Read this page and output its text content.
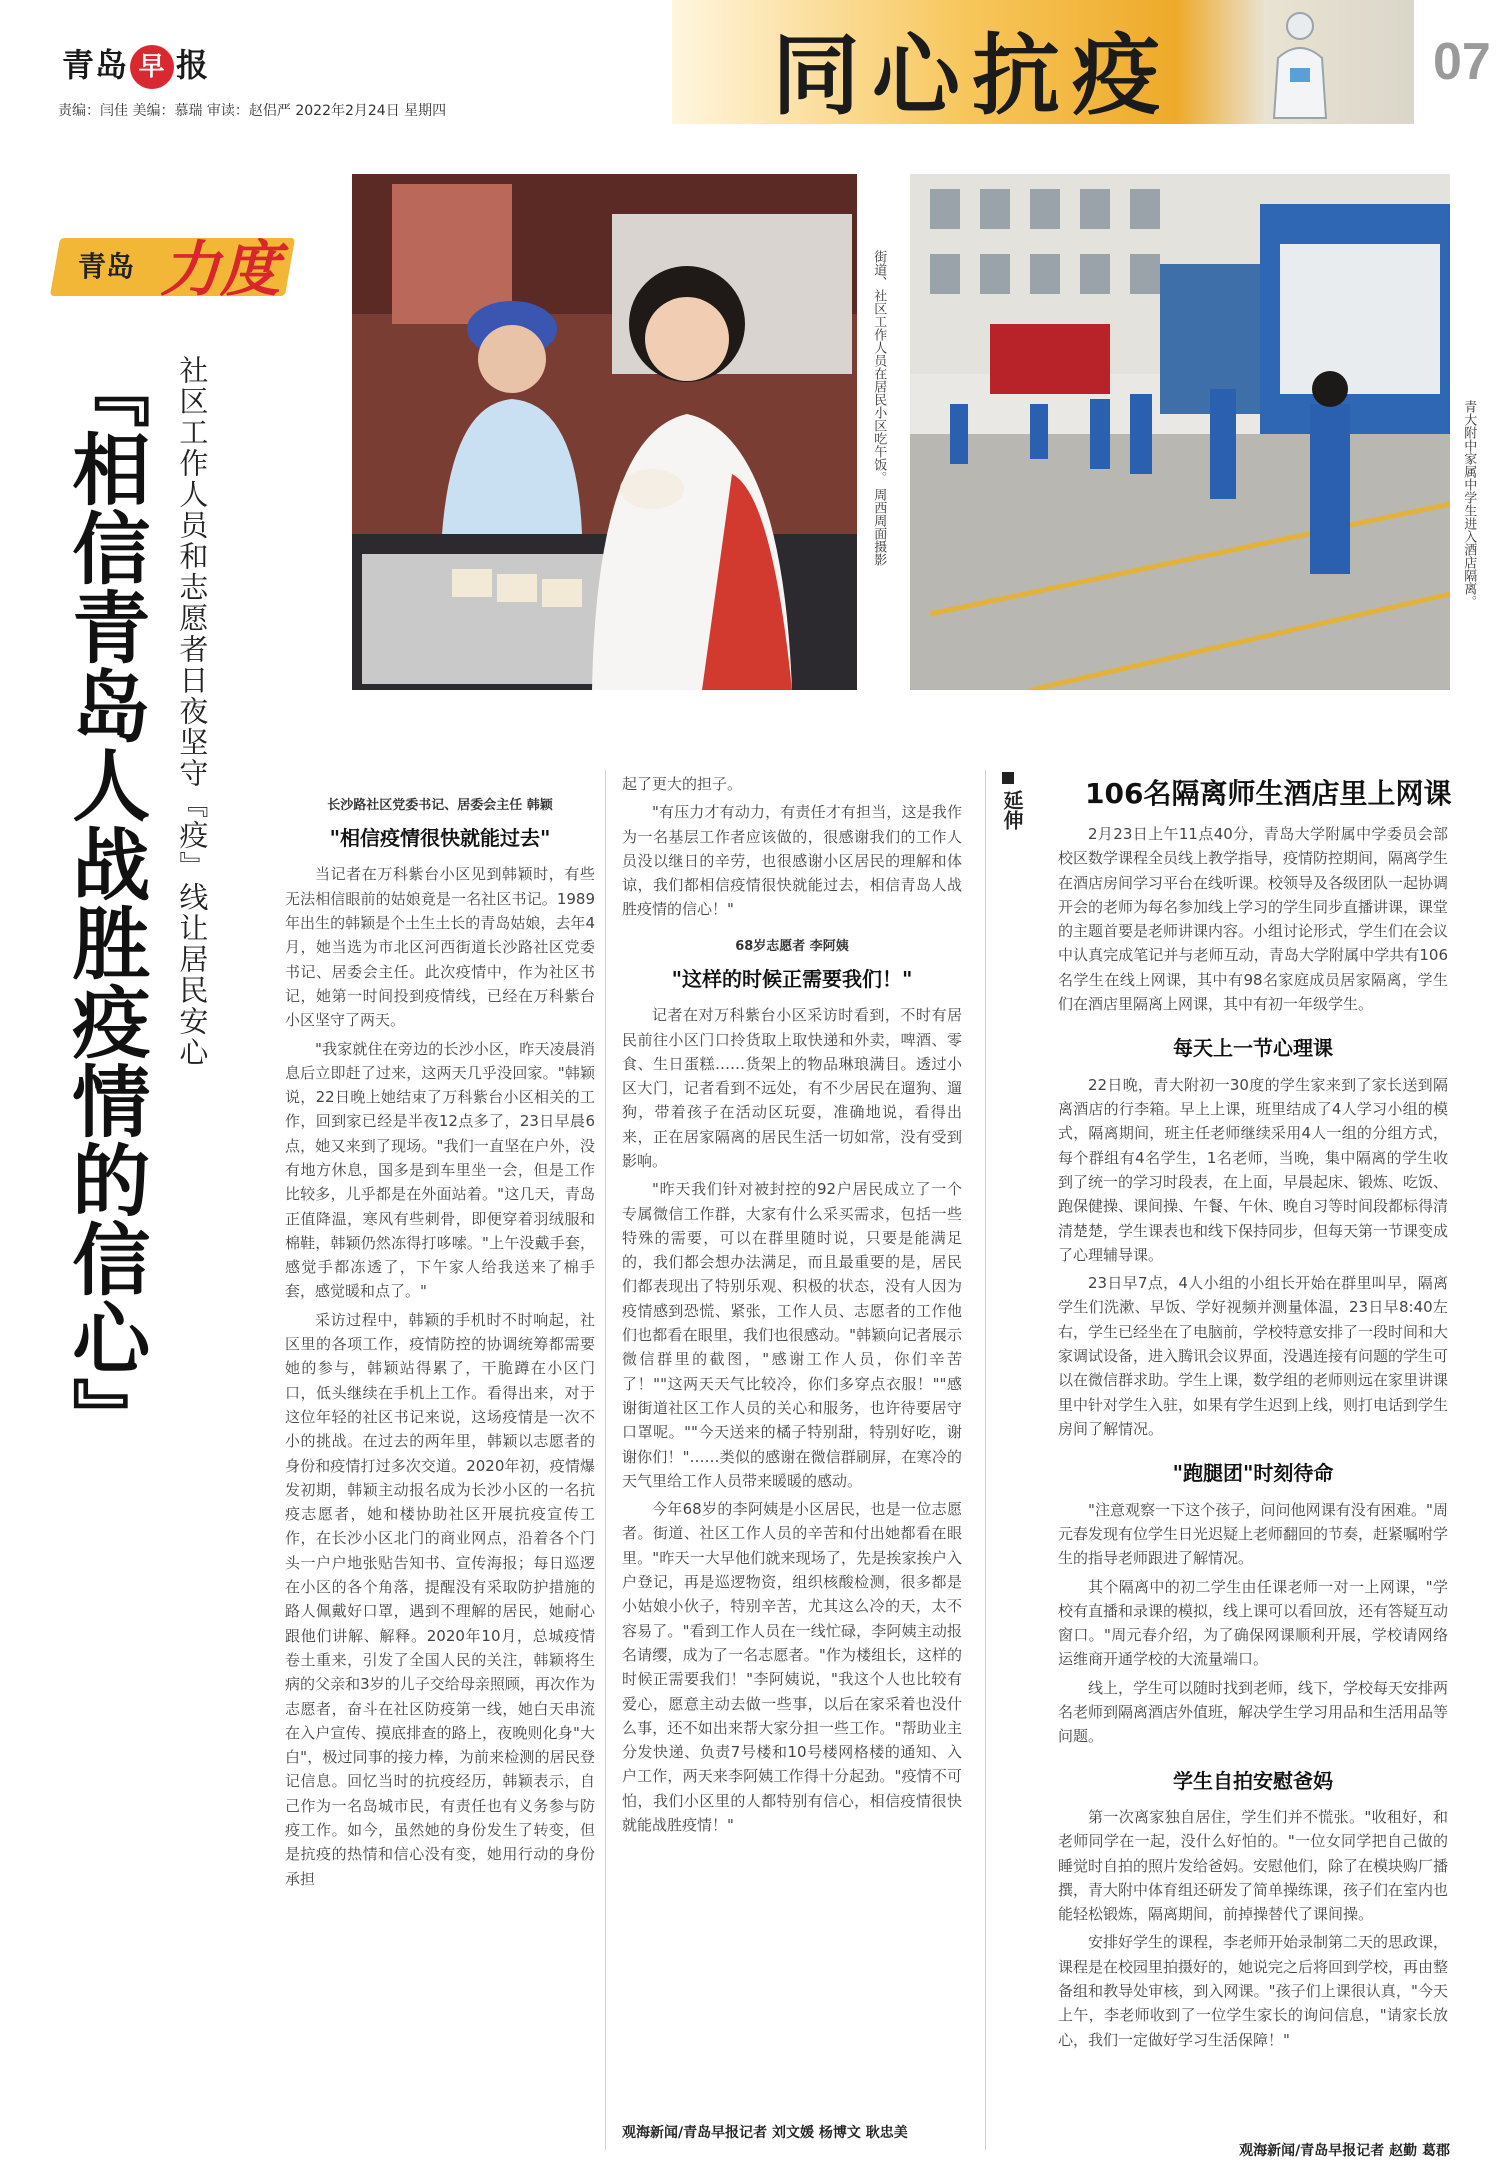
青岛 早 报
责编：闫佳 美编：慕瑞 审读：赵侣严 2022年2月24日 星期四	同心抗疫	07
青岛 力度
『相信青岛人战胜疫情的信心』 社区工作人员和志愿者日夜坚守『疫』线让居民安心	街道、社区工作人员在居民小区吃午饭。 周西周面摄影	青大附中家属中学生进入酒店隔离。

长沙路社区党委书记、居委会主任 韩颖

"相信疫情很快就能过去"

当记者在万科紫台小区见到韩颖时，有些无法相信眼前的姑娘竟是一名社区书记。1989年出生的韩颖是个土生土长的青岛姑娘，去年4月，她当选为市北区河西街道长沙路社区党委书记、居委会主任。此次疫情中，作为社区书记，她第一时间投到疫情线，已经在万科紫台小区坚守了两天。

"我家就住在旁边的长沙小区，昨天凌晨消息后立即赶了过来，这两天几乎没回家。"韩颖说，22日晚上她结束了万科紫台小区相关的工作，回到家已经是半夜12点多了，23日早晨6点，她又来到了现场。"我们一直坚在户外，没有地方休息，国多是到车里坐一会，但是工作比较多，儿乎都是在外面站着。"这几天，青岛正值降温，寒风有些刺骨，即便穿着羽绒服和棉鞋，韩颖仍然冻得打哆嗦。"上午没戴手套，感觉手都冻透了，下午家人给我送来了棉手套，感觉暖和点了。"

采访过程中，韩颖的手机时不时响起，社区里的各项工作，疫情防控的协调统筹都需要她的参与，韩颖站得累了，干脆蹲在小区门口，低头继续在手机上工作。看得出来，对于这位年轻的社区书记来说，这场疫情是一次不小的挑战。在过去的两年里，韩颖以志愿者的身份和疫情打过多次交道。2020年初，疫情爆发初期，韩颖主动报名成为长沙小区的一名抗疫志愿者，她和楼协助社区开展抗疫宣传工作，在长沙小区北门的商业网点，沿着各个门头一户户地张贴告知书、宣传海报；每日巡逻在小区的各个角落，提醒没有采取防护措施的路人佩戴好口罩，遇到不理解的居民，她耐心跟他们讲解、解释。2020年10月，总城疫情卷土重来，引发了全国人民的关注，韩颖将生病的父亲和3岁的儿子交给母亲照顾，再次作为志愿者，奋斗在社区防疫第一线，她白天串流在入户宣传、摸底排查的路上，夜晚则化身"大白"，极过同事的接力棒，为前来检测的居民登记信息。回忆当时的抗疫经历，韩颖表示，自己作为一名岛城市民，有责任也有义务参与防疫工作。如今，虽然她的身份发生了转变，但是抗疫的热情和信心没有变，她用行动的身份承担

起了更大的担子。

"有压力才有动力，有责任才有担当，这是我作为一名基层工作者应该做的，很感谢我们的工作人员没以继日的辛劳，也很感谢小区居民的理解和体谅，我们都相信疫情很快就能过去，相信青岛人战胜疫情的信心！"

68岁志愿者 李阿姨

"这样的时候正需要我们！"

记者在对万科紫台小区采访时看到，不时有居民前往小区门口拎货取上取快递和外卖，啤酒、零食、生日蛋糕……货架上的物品琳琅满目。透过小区大门，记者看到不远处，有不少居民在遛狗、遛狗，带着孩子在活动区玩耍，准确地说，看得出来，正在居家隔离的居民生活一切如常，没有受到影响。

"昨天我们针对被封控的92户居民成立了一个专属微信工作群，大家有什么采买需求，包括一些特殊的需要，可以在群里随时说，只要是能满足的，我们都会想办法满足，而且最重要的是，居民们都表现出了特别乐观、积极的状态，没有人因为疫情感到恐慌、紧张，工作人员、志愿者的工作他们也都看在眼里，我们也很感动。"韩颖向记者展示微信群里的截图，"感谢工作人员，你们辛苦了！""这两天天气比较冷，你们多穿点衣服！""感谢街道社区工作人员的关心和服务，也许待要居守口罩呢。""今天送来的橘子特别甜，特别好吃，谢谢你们！"……类似的感谢在微信群刷屏，在寒冷的天气里给工作人员带来暖暖的感动。

今年68岁的李阿姨是小区居民，也是一位志愿者。街道、社区工作人员的辛苦和付出她都看在眼里。"昨天一大早他们就来现场了，先是挨家挨户入户登记，再是巡逻物资，组织核酸检测，很多都是小姑娘小伙子，特别辛苦，尤其这么冷的天，太不容易了。"看到工作人员在一线忙碌，李阿姨主动报名请缨，成为了一名志愿者。"作为楼组长，这样的时候正需要我们！"李阿姨说，"我这个人也比较有爱心，愿意主动去做一些事，以后在家采着也没什么事，还不如出来帮大家分担一些工作。"帮助业主分发快递、负责7号楼和10号楼网格楼的通知、入户工作，两天来李阿姨工作得十分起劲。"疫情不可怕，我们小区里的人都特别有信心，相信疫情很快就能战胜疫情！"

观海新闻/青岛早报记者 刘文媛 杨博文 耿忠美
延伸 106名隔离师生酒店里上网课

2月23日上午11点40分，青岛大学附属中学委员会部校区数学课程全员线上教学指导，疫情防控期间，隔离学生在酒店房间学习平台在线听课。校领导及各级团队一起协调开会的老师为每名参加线上学习的学生同步直播讲课，课堂的主题首要是老师讲课内容。小组讨论形式，学生们在会议中认真完成笔记并与老师互动，青岛大学附属中学共有106名学生在线上网课，其中有98名家庭成员居家隔离，学生们在酒店里隔离上网课，其中有初一年级学生。

每天上一节心理课

22日晚，青大附初一30度的学生家来到了家长送到隔离酒店的行李箱。早上上课，班里结成了4人学习小组的模式，隔离期间，班主任老师继续采用4人一组的分组方式，每个群组有4名学生，1名老师，当晚，集中隔离的学生收到了统一的学习时段表，在上面，早晨起床、锻炼、吃饭、跑保健操、课间操、午餐、午休、晚自习等时间段都标得清清楚楚，学生课表也和线下保持同步，但每天第一节课变成了心理辅导课。

23日早7点，4人小组的小组长开始在群里叫早，隔离学生们洗漱、早饭、学好视频并测量体温，23日早8:40左右，学生已经坐在了电脑前，学校特意安排了一段时间和大家调试设备，进入腾讯会议界面，没遇连接有问题的学生可以在微信群求助。学生上课，数学组的老师则远在家里讲课里中针对学生入驻，如果有学生迟到上线，则打电话到学生房间了解情况。

"跑腿团"时刻待命

"注意观察一下这个孩子，问问他网课有没有困难。"周元春发现有位学生日光迟疑上老师翻回的节奏，赶紧嘱咐学生的指导老师跟进了解情况。

其个隔离中的初二学生由任课老师一对一上网课，"学校有直播和录课的模拟，线上课可以看回放，还有答疑互动窗口。"周元春介绍，为了确保网课顺利开展，学校请网络运维商开通学校的大流量端口。

线上，学生可以随时找到老师，线下，学校每天安排两名老师到隔离酒店外值班，解决学生学习用品和生活用品等问题。

学生自拍安慰爸妈

第一次离家独自居住，学生们并不慌张。"收租好，和老师同学在一起，没什么好怕的。"一位女同学把自己做的睡觉时自拍的照片发给爸妈。安慰他们，除了在模块购厂播撰，青大附中体育组还研发了简单操练课，孩子们在室内也能轻松锻炼，隔离期间，前掉操替代了课间操。

安排好学生的课程，李老师开始录制第二天的思政课，课程是在校园里拍摄好的，她说完之后将回到学校，再由整备组和教导处审核，到入网课。"孩子们上课很认真，"今天上午，李老师收到了一位学生家长的询问信息，"请家长放心，我们一定做好学习生活保障！"

观海新闻/青岛早报记者 赵勤 葛郡
